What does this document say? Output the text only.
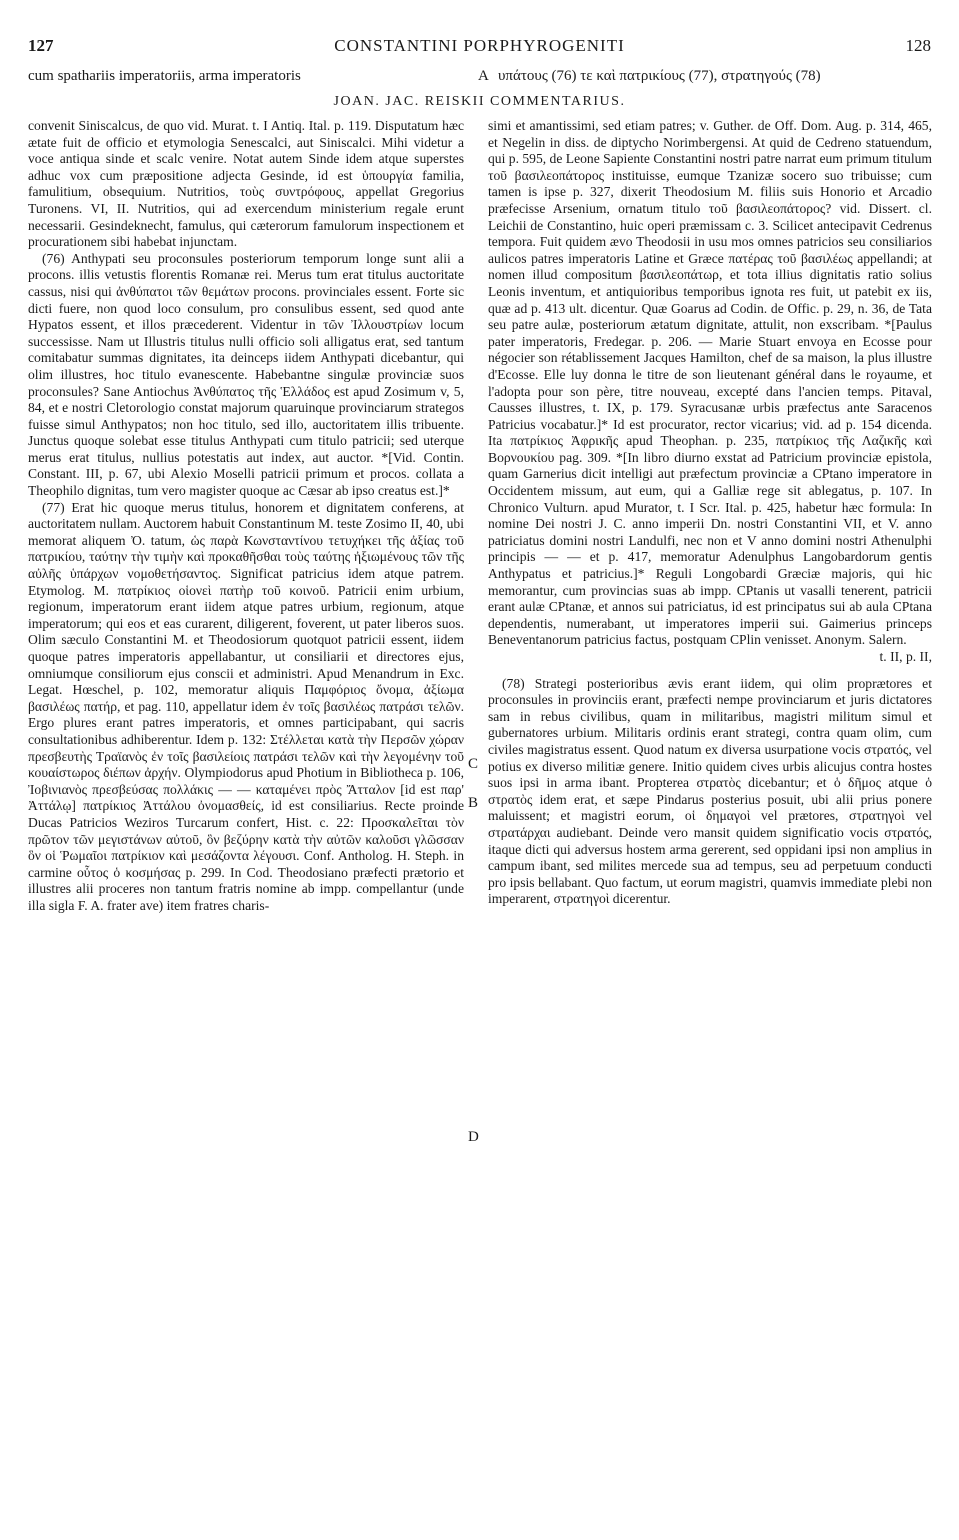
127	CONSTANTINI PORPHYROGENITI	128
cum spathariis imperatoriis, arma imperatoris	A υπάτους (76) τε καὶ πατρικίους (77), στρατηγούς (78)
JOAN. JAC. REISKII COMMENTARIUS.

convenit Siniscalcus, de quo vid. Murat. t. I Antiq. Ital. p. 119. Disputatum hæc ætate fuit de officio et etymologia Senescalci, aut Siniscalci. Mihi videtur a voce antiqua sinde et scalc venire. Notat autem Sinde idem atque superstes adhuc vox cum præpositione adjecta Gesinde, id est ὑπουργία familia, famulitium, obsequium. Nutritios, τοὺς συντρόφους, appellat Gregorius Turonens. VI, II. Nutritios, qui ad exercendum ministerium regale erunt necessarii. Gesindeknecht, famulus, qui cæterorum famulorum inspectionem et procurationem sibi habebat injunctam.

(76) Anthypati seu proconsules posteriorum temporum longe sunt alii a procons. illis vetustis florentis Romanæ rei. Merus tum erat titulus auctoritate cassus, nisi qui ἀνθύπατοι τῶν θεμάτων procons. provinciales essent. Forte sic dicti fuere, non quod loco consulum, pro consulibus essent, sed quod ante Hypatos essent, et illos præcederent. Videntur in τῶν Ἰλλουστρίων locum successisse. Nam ut Illustris titulus nulli officio soli alligatus erat, sed tantum comitabatur summas dignitates, ita deinceps iidem Anthypati dicebantur, qui olim illustres, hoc titulo evanescente. Habebantne singulæ provinciæ suos proconsules? Sane Antiochus Ἀνθύπατος τῆς Ἑλλάδος est apud Zosimum v, 5, 84, et e nostri Cletorologio constat majorum quaruinque provinciarum strategos fuisse simul Anthypatos; non hoc titulo, sed illo, auctoritatem illis tribuente. Junctus quoque solebat esse titulus Anthypati cum titulo patricii; sed uterque merus erat titulus, nullius potestatis aut index, aut auctor. *[Vid. Contin. Constant. III, p. 67, ubi Alexio Moselli patricii primum et procos. collata a Theophilo dignitas, tum vero magister quoque ac Cæsar ab ipso creatus est.]*

(77) Erat hic quoque merus titulus, honorem et dignitatem conferens, at auctoritatem nullam. Auctorem habuit Constantinum M. teste Zosimo II, 40, ubi memorat aliquem Ὀ. tatum, ὡς παρὰ Κωνσταντίνου τετυχήκει τῆς ἀξίας τοῦ πατρικίου, ταύτην τὴν τιμὴν καὶ προκαθῆσθαι τοὺς ταύτης ἠξιωμένους τῶν τῆς αὐλῆς ὑπάρχων νομοθετήσαντος. Significat patricius idem atque patrem. Etymolog. M. πατρίκιος οἱονεὶ πατὴρ τοῦ κοινοῦ. Patricii enim urbium, regionum, imperatorum erant iidem atque patres urbium, regionum, atque imperatorum; qui eos et eas curarent, diligerent, foverent, ut pater liberos suos. Olim sæculo Constantini M. et Theodosiorum quotquot patricii essent, iidem quoque patres imperatoris appellabantur, ut consiliarii et directores ejus, omniumque consiliorum ejus conscii et administri. Apud Menandrum in Exc. Legat. Hœschel, p. 102, memoratur aliquis Παμφόριος ὄνομα, ἀξίωμα βασιλέως πατήρ, et pag. 110, appellatur idem ἐν τοῖς βασιλέως πατράσι τελῶν. Ergo plures erant patres imperatoris, et omnes participabant, qui sacris consultationibus adhiberentur. Idem p. 132: Στέλλεται κατὰ τὴν Περσῶν χώραν πρεσβευτὴς Τραϊανὸς ἐν τοῖς βασιλείοις πατράσι τελῶν καὶ τὴν λεγομένην τοῦ κουαίστωρος διέπων ἀρχήν. Olympiodorus apud Photium in Bibliotheca p. 106, Ἰοβινιανὸς πρεσβεύσας πολλάκις — — καταμένει πρὸς Ἄτταλον [id est παρ' Ἀττάλῳ] πατρίκιος Ἀττάλου ὀνομασθείς, id est consiliarius. Recte proinde Ducas Patricios Weziros Turcarum confert, Hist. c. 22: Προσκαλεῖται τὸν πρῶτον τῶν μεγιστάνων αὐτοῦ, ὃν βεζύρην κατὰ τὴν αὐτῶν καλοῦσι γλῶσσαν ὃν οἱ Ῥωμαῖοι πατρίκιον καὶ μεσάζοντα λέγουσι. Conf. Antholog. H. Steph. in carmine οὗτος ὁ κοσμήσας p. 299. In Cod. Theodosiano præfecti prætorio et illustres alii proceres non tantum fratris nomine ab impp. compellantur (unde illa sigla F. A. frater ave) item fratres charis-

B
C
D

simi et amantissimi, sed etiam patres; v. Guther. de Off. Dom. Aug. p. 314, 465, et Negelin in diss. de diptycho Norimbergensi. At quid de Cedreno statuendum, qui p. 595, de Leone Sapiente Constantini nostri patre narrat eum primum titulum τοῦ βασιλεοπάτορος instituisse, eumque Tzanizæ socero suo tribuisse; cum tamen is ipse p. 327, dixerit Theodosium M. filiis suis Honorio et Arcadio præfecisse Arsenium, ornatum titulo τοῦ βασιλεοπάτορος? vid. Dissert. cl. Leichii de Constantino, huic operi præmissam c. 3. Scilicet antecipavit Cedrenus tempora. Fuit quidem ævo Theodosii in usu mos omnes patricios seu consiliarios aulicos patres imperatoris Latine et Græce πατέρας τοῦ βασιλέως appellandi; at nomen illud compositum βασιλεοπάτωρ, et tota illius dignitatis ratio solius Leonis inventum, et antiquioribus temporibus ignota res fuit, ut patebit ex iis, quæ ad p. 413 ult. dicentur. Quæ Goarus ad Codin. de Offic. p. 29, n. 36, de Tata seu patre aulæ, posteriorum ætatum dignitate, attulit, non exscribam. *[Paulus pater imperatoris, Fredegar. p. 206. — Marie Stuart envoya en Ecosse pour négocier son rétablissement Jacques Hamilton, chef de sa maison, la plus illustre d'Ecosse. Elle luy donna le titre de son lieutenant général dans le royaume, et l'adopta pour son père, titre nouveau, excepté dans l'ancien temps. Pitaval, Causses illustres, t. IX, p. 179. Syracusanæ urbis præfectus ante Saracenos Patricius vocabatur.]* Id est procurator, rector vicarius; vid. ad p. 154 dicenda. Ita πατρίκιος Ἀφρικῆς apud Theophan. p. 235, πατρίκιος τῆς Λαζικῆς καὶ Βορνουκίου pag. 309. *[In libro diurno exstat ad Patricium provinciæ epistola, quam Garnerius dicit intelligi aut præfectum provinciæ a CPtano imperatore in Occidentem missum, aut eum, qui a Galliæ rege sit ablegatus, p. 107. In Chronico Vulturn. apud Murator, t. I Scr. Ital. p. 425, habetur hæc formula: In nomine Dei nostri J. C. anno imperii Dn. nostri Constantini VII, et V. anno patriciatus domini nostri Landulfi, nec non et V anno domini nostri Athenulphi principis — — et p. 417, memoratur Adenulphus Langobardorum gentis Anthypatus et patricius.]* Reguli Longobardi Græciæ majoris, qui hic memorantur, cum provincias suas ab impp. CPtanis ut vasalli tenerent, patricii erant aulæ CPtanæ, et annos sui patriciatus, id est principatus sui ab aula CPtana dependentis, numerabant, ut imperatores imperii sui. Gaimerius princeps Beneventanorum patricius factus, postquam CPlin venisset. Anonym. Salern.

t. II, p. II,

(78) Strategi posterioribus ævis erant iidem, qui olim proprætores et proconsules in provinciis erant, præfecti nempe provinciarum et juris dictatores sam in rebus civilibus, quam in militaribus, magistri militum simul et gubernatores urbium. Militaris ordinis erant strategi, contra quam olim, cum civiles magistratus essent. Quod natum ex diversa usurpatione vocis στρατός, vel potius ex diverso militiæ genere. Initio quidem cives urbis alicujus contra hostes suos ipsi in arma ibant. Propterea στρατὸς dicebantur; et ὁ δῆμος atque ὁ στρατὸς idem erat, et sæpe Pindarus posterius posuit, ubi alii prius ponere maluissent; et magistri eorum, οἱ δημαγοὶ vel prætores, στρατηγοὶ vel στρατάρχαι audiebant. Deinde vero mansit quidem significatio vocis στρατός, itaque dicti qui adversus hostem arma gererent, sed oppidani ipsi non amplius in campum ibant, sed milites mercede sua ad tempus, seu ad perpetuum conducti pro ipsis bellabant. Quo factum, ut eorum magistri, quamvis immediate plebi non imperarent, στρατηγοὶ dicerentur.
